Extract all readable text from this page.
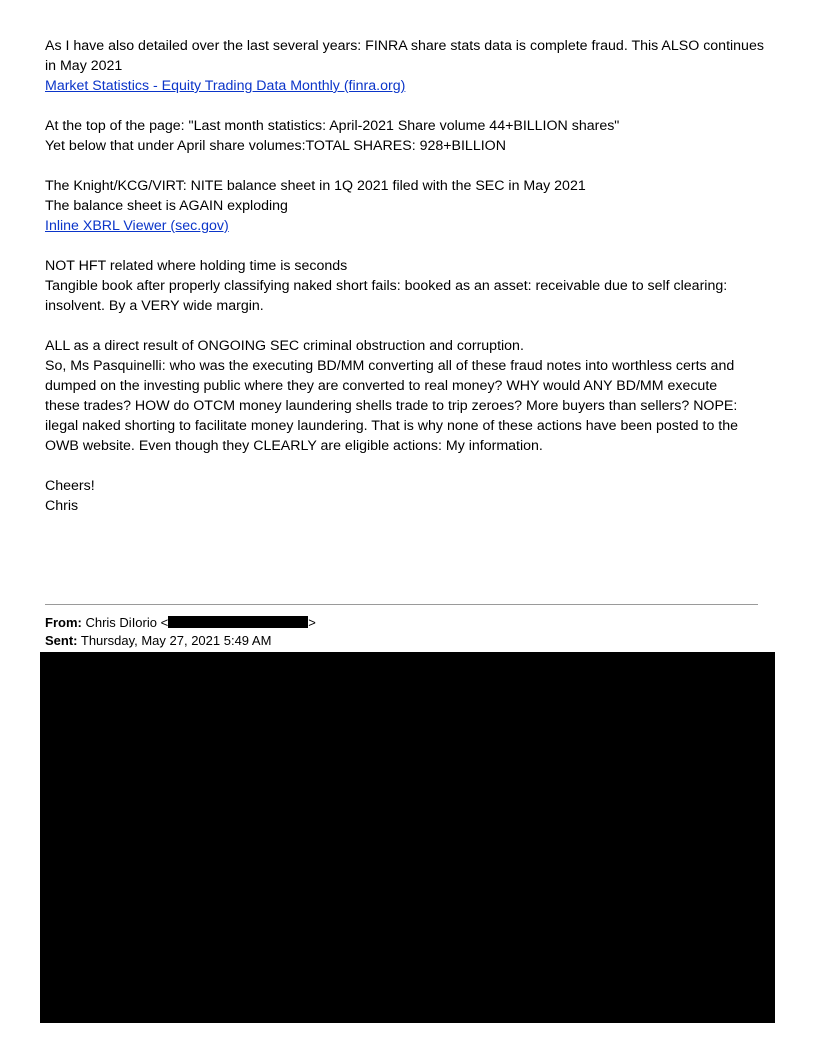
As I have also detailed over the last several years: FINRA share stats data is complete fraud. This ALSO continues

in May 2021

Market Statistics - Equity Trading Data Monthly (finra.org)

At the top of the page: "Last month statistics: April-2021 Share volume 44+BILLION shares"

Yet below that under April share volumes:TOTAL SHARES: 928+BILLION

The Knight/KCG/VIRT: NITE balance sheet in 1Q 2021 filed with the SEC in May 2021

The balance sheet is AGAIN exploding

Inline XBRL Viewer (sec.gov)

NOT HFT related where holding time is seconds

Tangible book after properly classifying naked short fails: booked as an asset: receivable due to self clearing:

insolvent. By a VERY wide margin.

ALL as a direct result of ONGOING SEC criminal obstruction and corruption.

So, Ms Pasquinelli: who was the executing BD/MM converting all of these fraud notes into worthless certs and

dumped on the investing public where they are converted to real money? WHY would ANY BD/MM execute

these trades? HOW do OTCM money laundering shells trade to trip zeroes? More buyers than sellers? NOPE:

ilegal naked shorting to facilitate money laundering. That is why none of these actions have been posted to the

OWB website. Even though they CLEARLY are eligible actions: My information.

Cheers!

Chris

From: Chris DiIorio <	>
Sent: Thursday, May 27, 2021 5:49 AM
